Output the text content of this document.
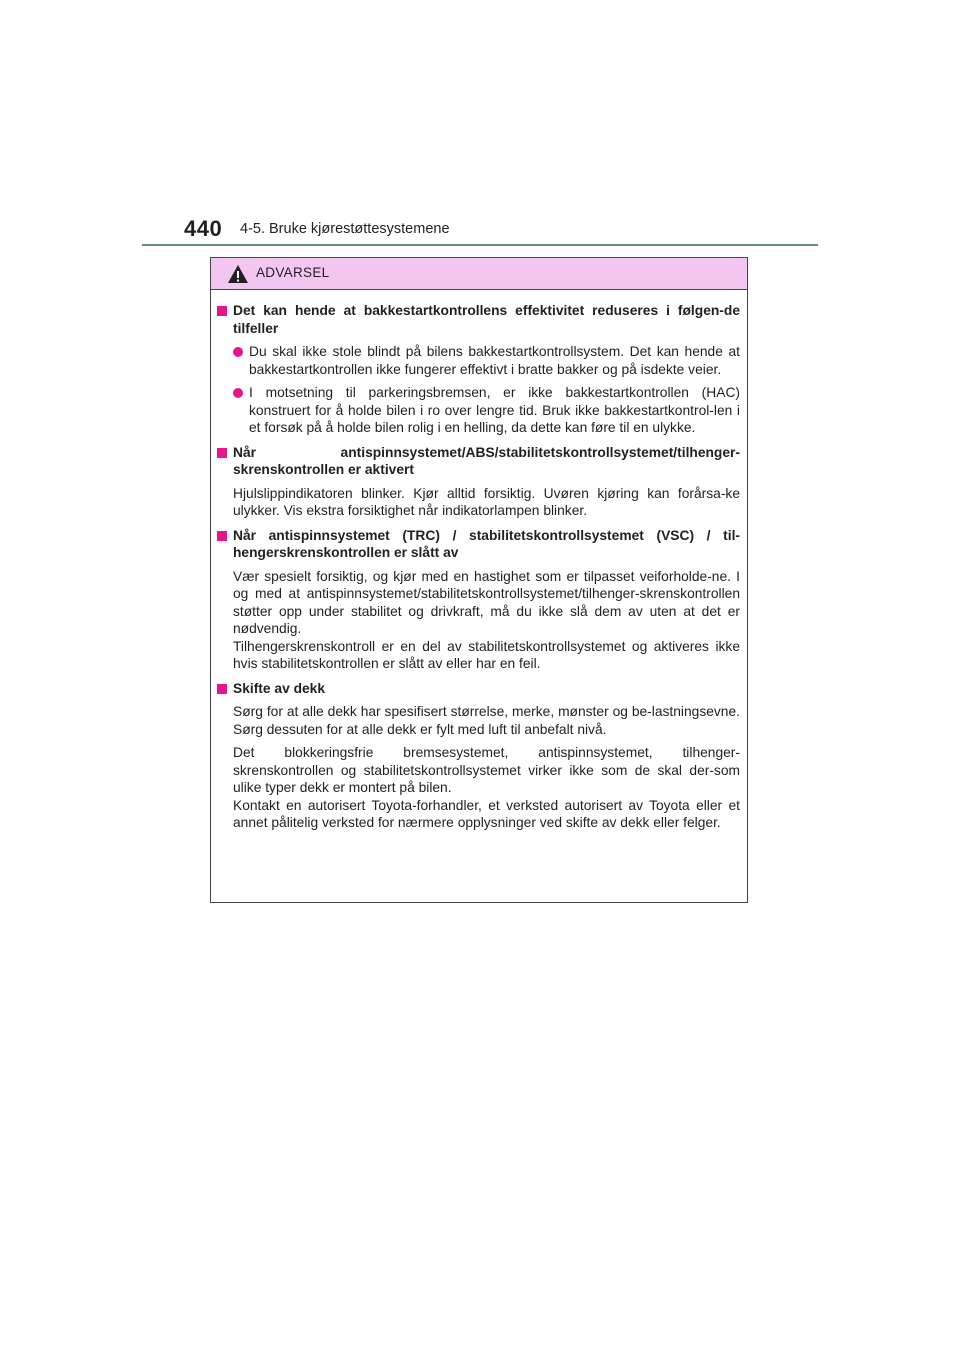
440 4-5. Bruke kjørestøttesystemene
ADVARSEL
Det kan hende at bakkestartkontrollens effektivitet reduseres i følgen-de tilfeller
Du skal ikke stole blindt på bilens bakkestartkontrollsystem. Det kan hende at bakkestartkontrollen ikke fungerer effektivt i bratte bakker og på isdekte veier.
I motsetning til parkeringsbremsen, er ikke bakkestartkontrollen (HAC) konstruert for å holde bilen i ro over lengre tid. Bruk ikke bakkestartkontrol-len i et forsøk på å holde bilen rolig i en helling, da dette kan føre til en ulykke.
Når antispinnsystemet/ABS/stabilitetskontrollsystemet/tilhenger-
skrenskontrollen er aktivert
Hjulslippindikatoren blinker. Kjør alltid forsiktig. Uvøren kjøring kan forårsa-ke ulykker. Vis ekstra forsiktighet når indikatorlampen blinker.
Når antispinnsystemet (TRC) / stabilitetskontrollsystemet (VSC) / til-hengerskrenskontrollen er slått av
Vær spesielt forsiktig, og kjør med en hastighet som er tilpasset veiforholde-ne. I og med at antispinnsystemet/stabilitetskontrollsystemet/tilhenger-skrenskontrollen støtter opp under stabilitet og drivkraft, må du ikke slå dem av uten at det er nødvendig.
Tilhengerskrenskontroll er en del av stabilitetskontrollsystemet og aktiveres ikke hvis stabilitetskontrollen er slått av eller har en feil.
Skifte av dekk
Sørg for at alle dekk har spesifisert størrelse, merke, mønster og be-lastningsevne. Sørg dessuten for at alle dekk er fylt med luft til anbefalt nivå.
Det blokkeringsfrie bremsesystemet, antispinnsystemet, tilhenger-
skrenskontrollen og stabilitetskontrollsystemet virker ikke som de skal der-som ulike typer dekk er montert på bilen.
Kontakt en autorisert Toyota-forhandler, et verksted autorisert av Toyota eller et annet pålitelig verksted for nærmere opplysninger ved skifte av dekk eller felger.
